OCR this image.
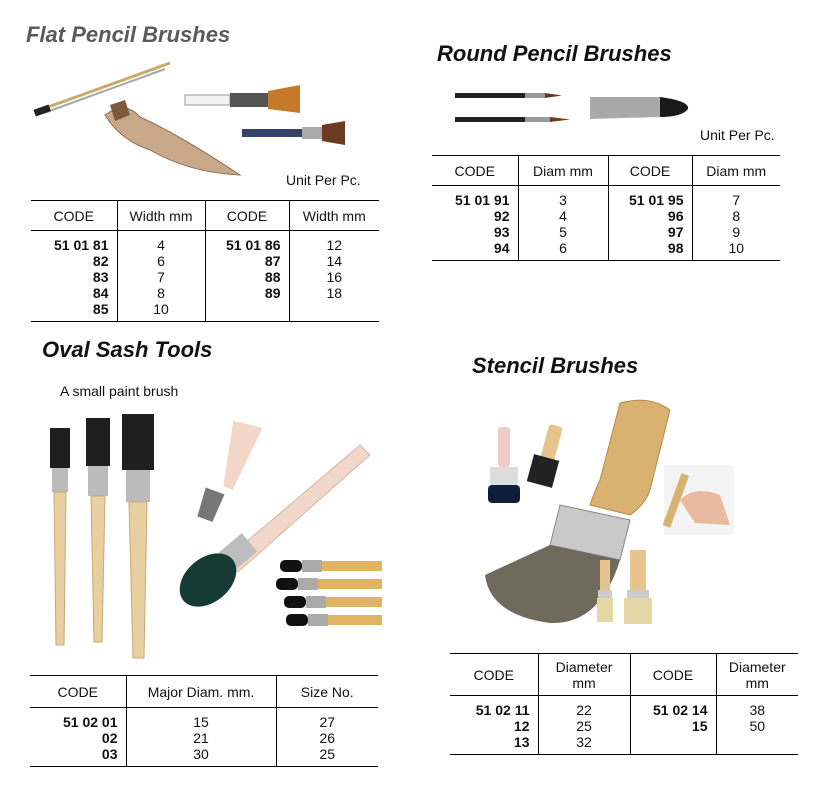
Flat Pencil Brushes
Unit Per Pc.
CODE	Width mm	CODE	Width mm
51 01 81	4	51 01 86	12
82	6	87	14
83	7	88	16
84	8	89	18
85	10		
Round Pencil Brushes
Unit Per Pc.
CODE	Diam mm	CODE	Diam mm
51 01 91	3	51 01 95	7
92	4	96	8
93	5	97	9
94	6	98	10
Oval Sash Tools
A small paint brush
CODE	Major Diam. mm.	Size No.
51 02 01	15	27
02	21	26
03	30	25
Stencil Brushes
CODE	Diameter mm	CODE	Diameter mm
51 02 11	22	51 02 14	38
12	25	15	50
13	32		
